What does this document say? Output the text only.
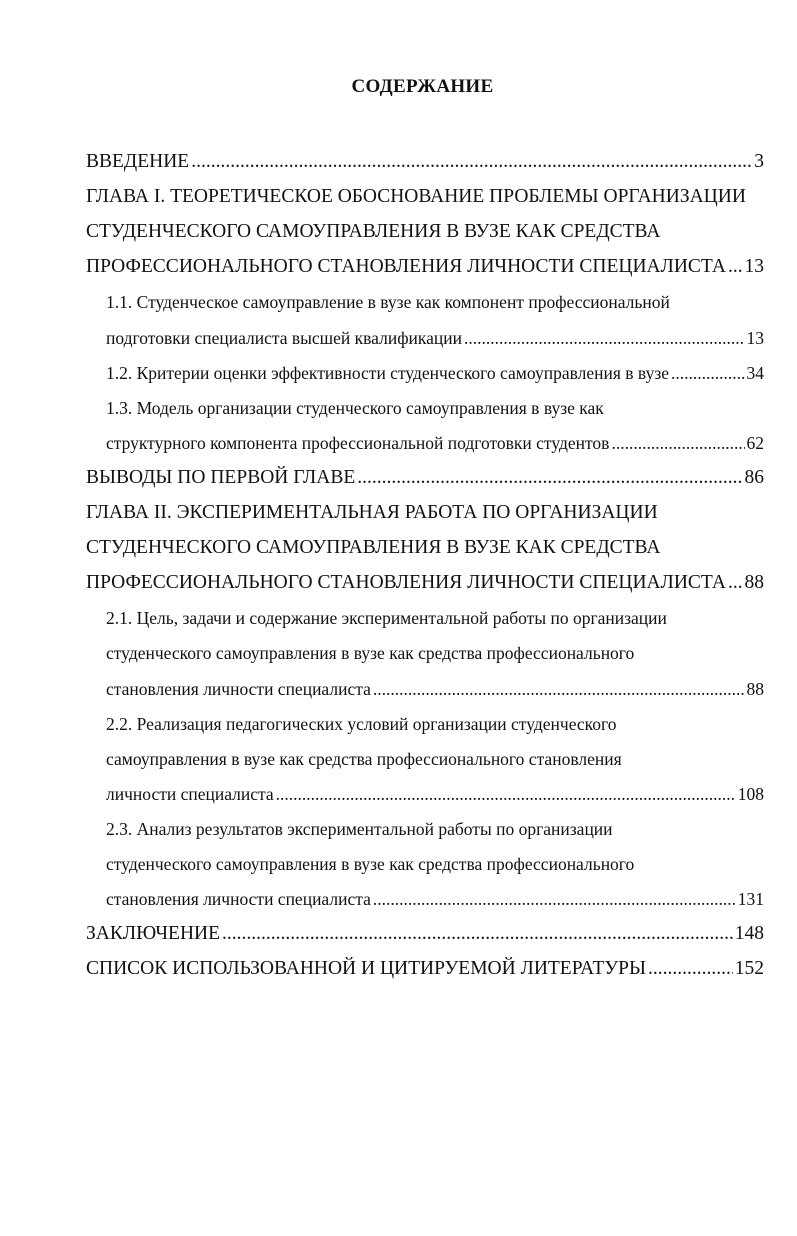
СОДЕРЖАНИЕ
ВВЕДЕНИЕ .....	3
ГЛАВА I. ТЕОРЕТИЧЕСКОЕ ОБОСНОВАНИЕ ПРОБЛЕМЫ ОРГАНИЗАЦИИ
СТУДЕНЧЕСКОГО САМОУПРАВЛЕНИЯ В ВУЗЕ КАК СРЕДСТВА
ПРОФЕССИОНАЛЬНОГО СТАНОВЛЕНИЯ ЛИЧНОСТИ СПЕЦИАЛИСТА ..... 13
1.1. Студенческое самоуправление в вузе как компонент профессиональной
подготовки специалиста высшей квалификации .....	13
1.2. Критерии оценки эффективности студенческого самоуправления в вузе .....	34
1.3. Модель организации студенческого самоуправления в вузе как
структурного компонента профессиональной подготовки студентов .....	62
ВЫВОДЫ ПО ПЕРВОЙ ГЛАВЕ .....	86
ГЛАВА II. ЭКСПЕРИМЕНТАЛЬНАЯ РАБОТА ПО ОРГАНИЗАЦИИ
СТУДЕНЧЕСКОГО САМОУПРАВЛЕНИЯ В ВУЗЕ КАК СРЕДСТВА
ПРОФЕССИОНАЛЬНОГО СТАНОВЛЕНИЯ ЛИЧНОСТИ СПЕЦИАЛИСТА ..... 88
2.1. Цель, задачи и содержание экспериментальной работы по организации
студенческого самоуправления в вузе как средства профессионального
становления личности специалиста .....	88
2.2. Реализация педагогических условий организации студенческого
самоуправления в вузе как средства профессионального становления
личности специалиста .....	108
2.3. Анализ результатов экспериментальной работы по организации
студенческого самоуправления в вузе как средства профессионального
становления личности специалиста .....	131
ЗАКЛЮЧЕНИЕ .....	148
СПИСОК ИСПОЛЬЗОВАННОЙ И ЦИТИРУЕМОЙ ЛИТЕРАТУРЫ .....	152
